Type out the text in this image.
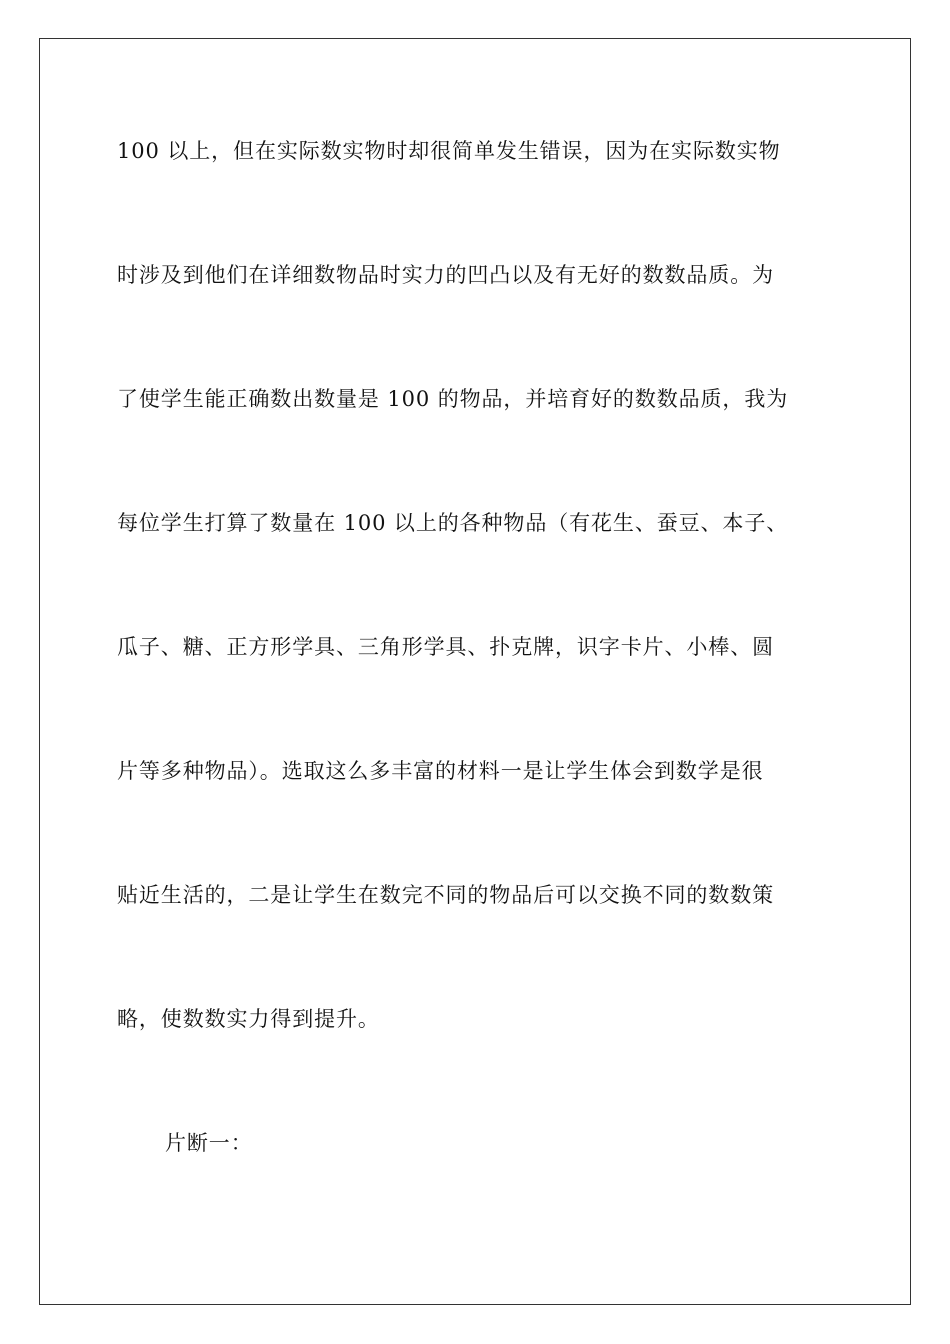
100 以上，但在实际数实物时却很简单发生错误，因为在实际数实物
时涉及到他们在详细数物品时实力的凹凸以及有无好的数数品质。为
了使学生能正确数出数量是 100 的物品，并培育好的数数品质，我为
每位学生打算了数量在 100 以上的各种物品（有花生、蚕豆、本子、
瓜子、糖、正方形学具、三角形学具、扑克牌，识字卡片、小棒、圆
片等多种物品）。选取这么多丰富的材料一是让学生体会到数学是很
贴近生活的，二是让学生在数完不同的物品后可以交换不同的数数策
略，使数数实力得到提升。
片断一：
